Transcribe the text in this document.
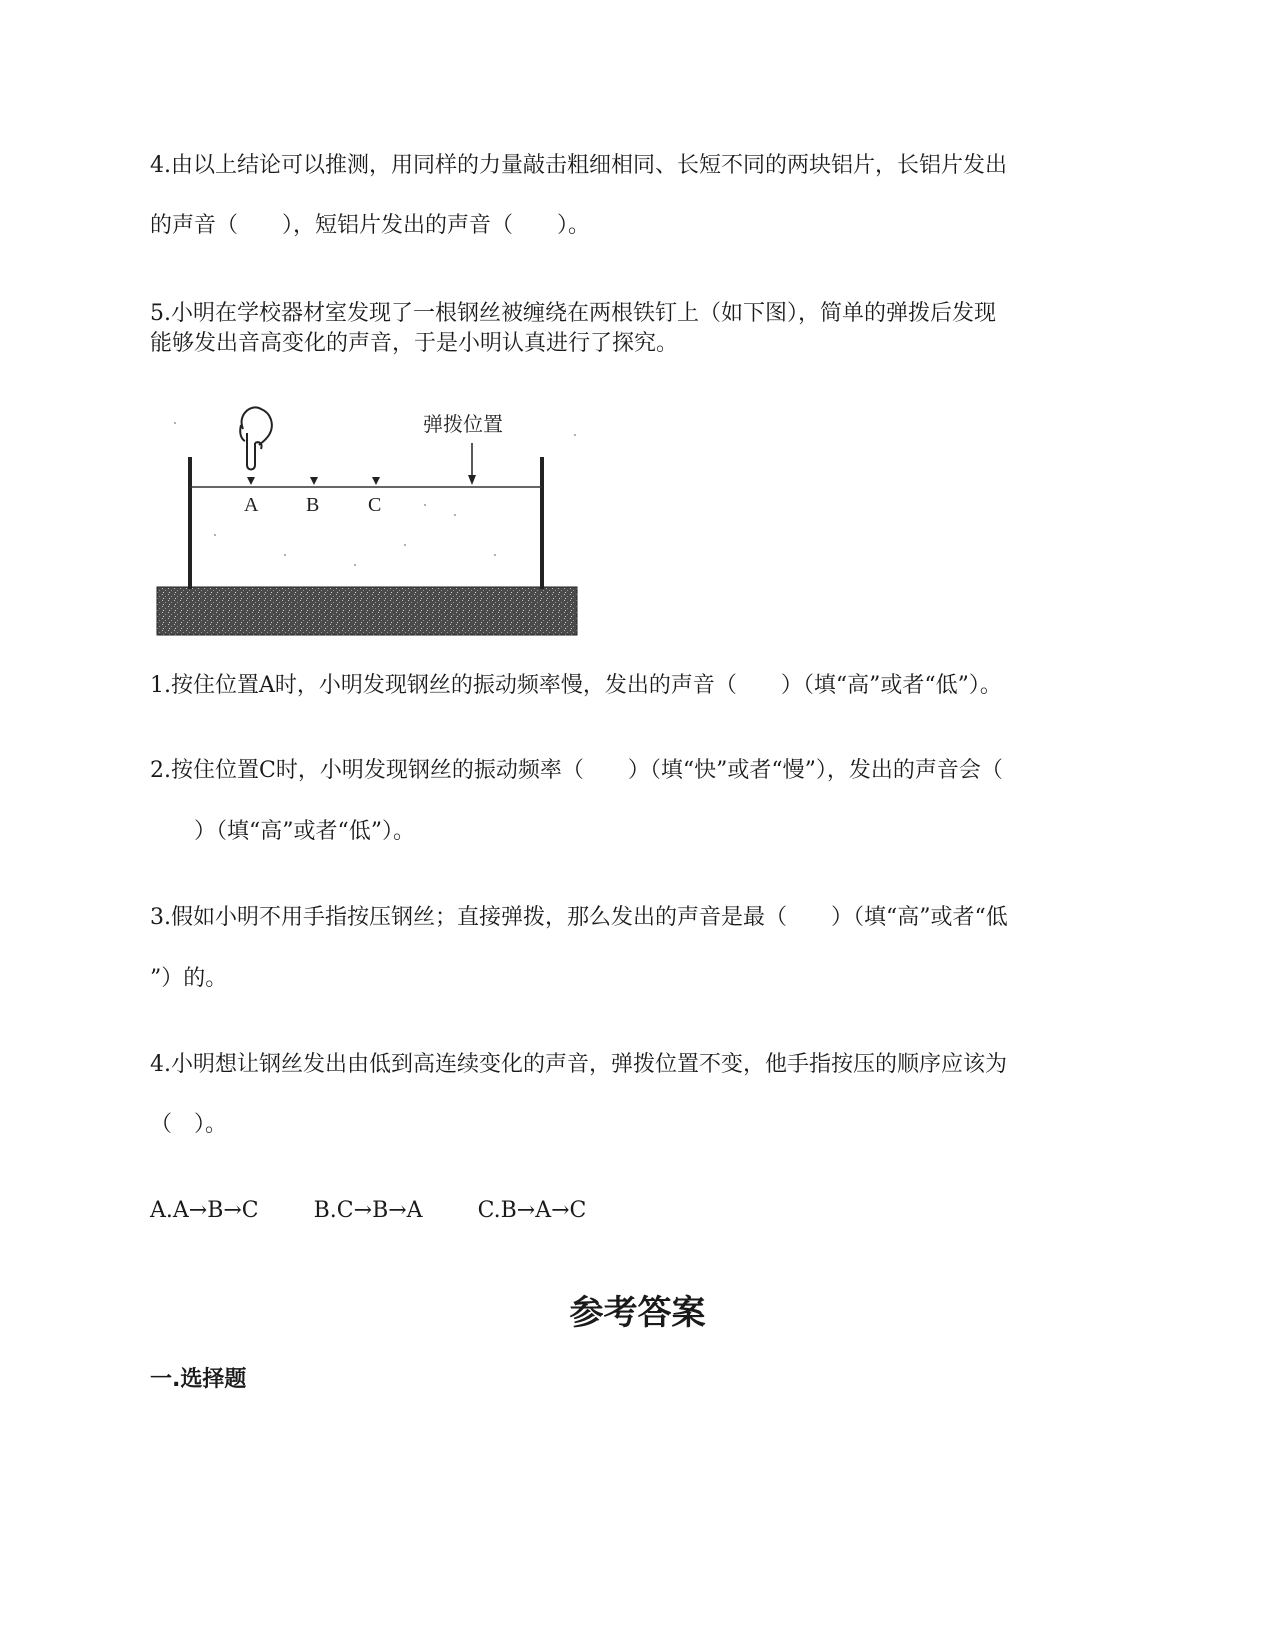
4.由以上结论可以推测，用同样的力量敲击粗细相同、长短不同的两块铝片，长铝片发出
的声音（　　），短铝片发出的声音（　　）。
5.小明在学校器材室发现了一根钢丝被缠绕在两根铁钉上（如下图），简单的弹拨后发现
能够发出音高变化的声音，于是小明认真进行了探究。
A B C
弹拨位置
1.按住位置A时，小明发现钢丝的振动频率慢，发出的声音（　　）（填“高”或者“低”）。
2.按住位置C时，小明发现钢丝的振动频率（　　）（填“快”或者“慢”），发出的声音会（
　　）（填“高”或者“低”）。
3.假如小明不用手指按压钢丝；直接弹拨，那么发出的声音是最（　　）（填“高”或者“低
”）的。
4.小明想让钢丝发出由低到高连续变化的声音，弹拨位置不变，他手指按压的顺序应该为
（　）。
A.A→B→C	B.C→B→A	C.B→A→C
参考答案
一.选择题
